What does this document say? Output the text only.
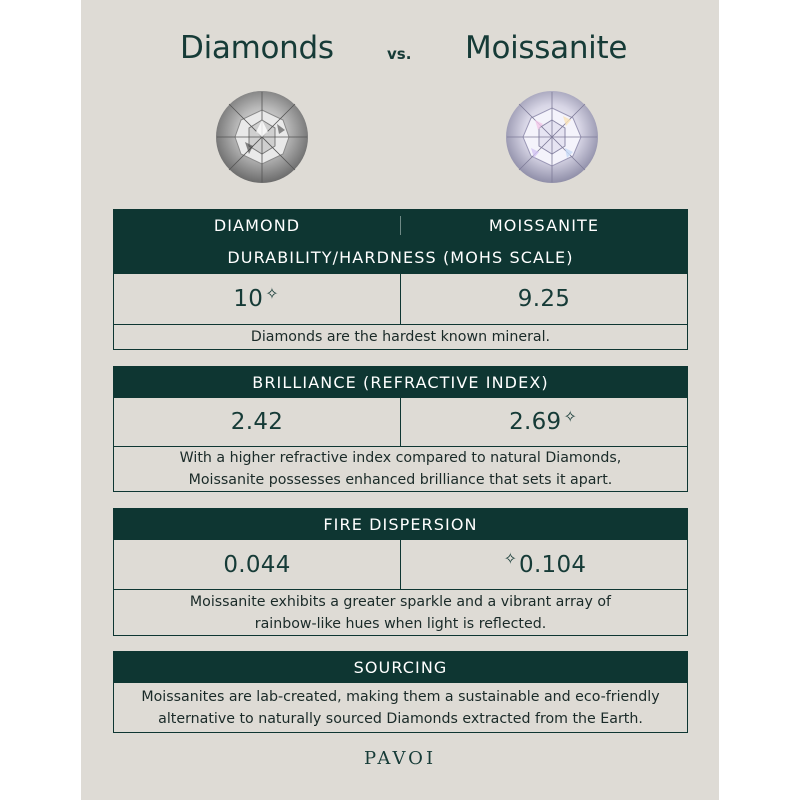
Diamonds	vs. Moissanite
DIAMOND	MOISSANITE
DURABILITY/HARDNESS (MOHS SCALE)
10 ✧	9.25
Diamonds are the hardest known mineral.
BRILLIANCE (REFRACTIVE INDEX)
2.42	2.69 ✧
With a higher refractive index compared to natural Diamonds,
Moissanite possesses enhanced brilliance that sets it apart.
FIRE DISPERSION
0.044	✧ 0.104
Moissanite exhibits a greater sparkle and a vibrant array of
rainbow-like hues when light is reflected.
SOURCING
Moissanites are lab-created, making them a sustainable and eco-friendly
alternative to naturally sourced Diamonds extracted from the Earth.
PAVOI
